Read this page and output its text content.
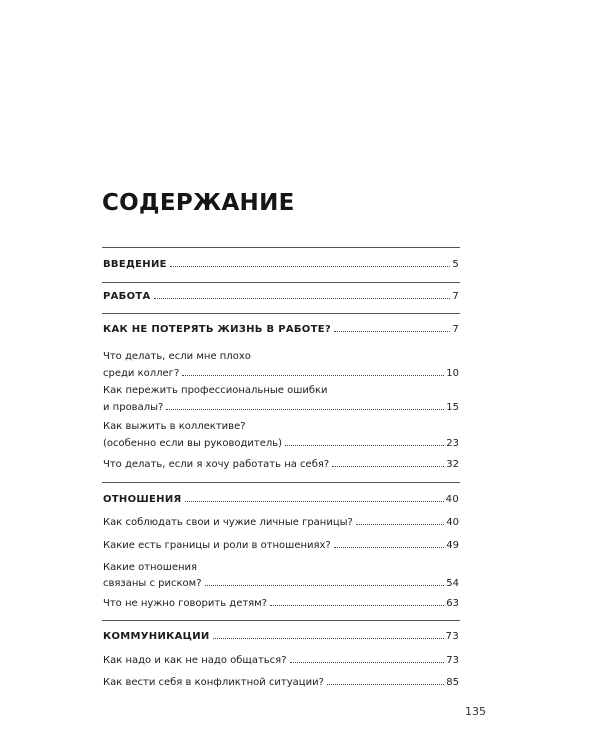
СОДЕРЖАНИЕ
ВВЕДЕНИЕ	5
РАБОТА	7
КАК НЕ ПОТЕРЯТЬ ЖИЗНЬ В РАБОТЕ?	7
Что делать, если мне плохо
среди коллег?	10
Как пережить профессиональные ошибки
и провалы?	15
Как выжить в коллективе?
(особенно если вы руководитель)	23
Что делать, если я хочу работать на себя?	32
ОТНОШЕНИЯ	40
Как соблюдать свои и чужие личные границы?	40
Какие есть границы и роли в отношениях?	49
Какие отношения
связаны с риском?	54
Что не нужно говорить детям?	63
КОММУНИКАЦИИ	73
Как надо и как не надо общаться?	73
Как вести себя в конфликтной ситуации?	85
135
